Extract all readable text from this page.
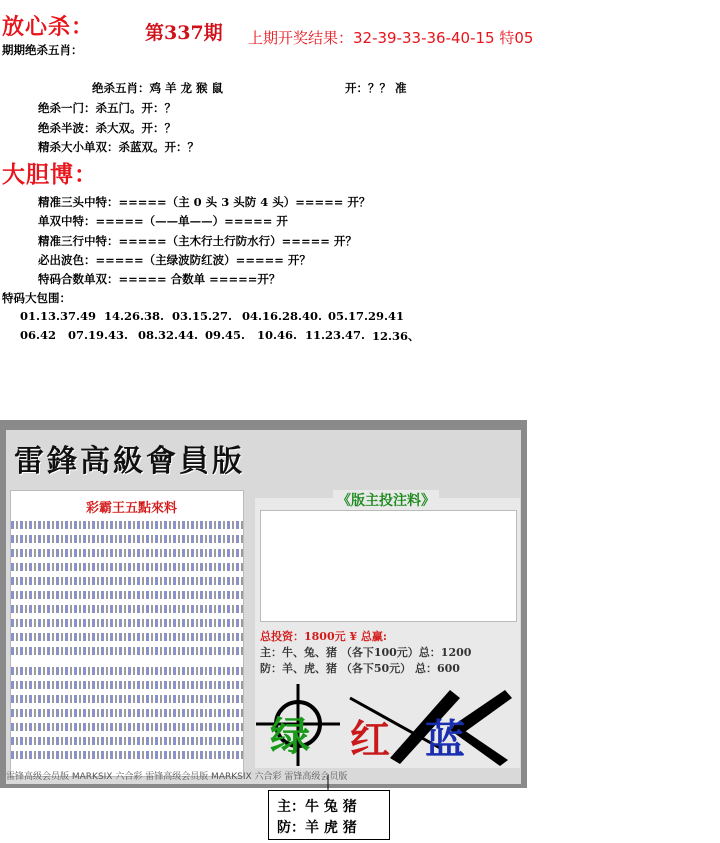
放心杀：	第337期 上期开奖结果：32-39-33-36-40-15 特05
期期绝杀五肖：
绝杀五肖：鸡 羊 龙 猴 鼠	开：？？ 准
绝杀一门：杀五门。开：？
绝杀半波：杀大双。开：？
精杀大小单双：杀蓝双。开：？
大胆博：
精准三头中特：=====（主 0 头 3 头防 4 头）===== 开？
单双中特：=====（——单——）===== 开
精准三行中特：=====（主木行土行防水行）===== 开？
必出波色：=====（主绿波防红波）===== 开？
特码合数单双：===== 合数单 =====开？
特码大包围：
01.13.37.49 14.26.38. 03.15.27. 04.16.28.40. 05.17.29.41
06.42 07.19.43. 08.32.44. 09.45. 10.46. 11.23.47. 12.36、
雷鋒高級會員版
彩霸王五點來料	《版主投注料》
总投资：1800元 ¥ 总赢:
主：牛、兔、猪 （各下100元）总：1200
防：羊、虎、猪 （各下50元） 总：600
绿 红 蓝
雷锋高级会员版 MARKSIX 六合彩 雷锋高级会员版 MARKSIX 六合彩 雷锋高级会员版
主：牛 兔 猪
防：羊 虎 猪
